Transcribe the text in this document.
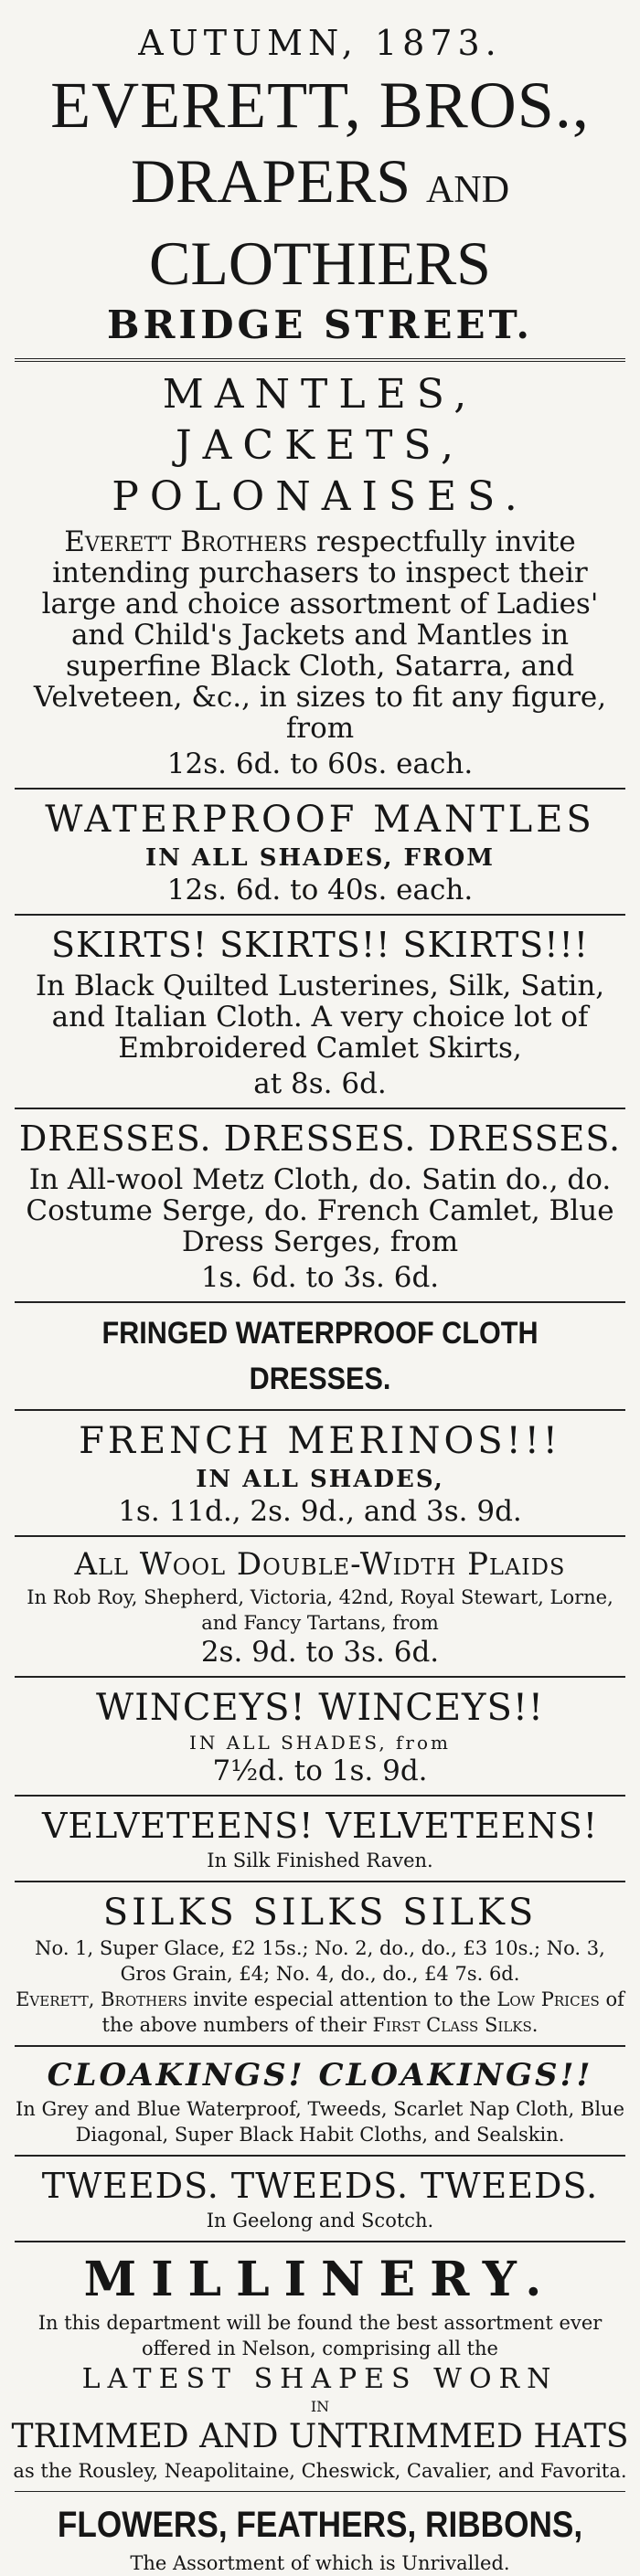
AUTUMN, 1873.
EVERETT, BROS.,
DRAPERS AND CLOTHIERS
BRIDGE STREET.
MANTLES, JACKETS,
POLONAISES.
Everett Brothers respectfully invite intending purchasers to inspect their large and choice assortment of Ladies' and Child's Jackets and Mantles in superfine Black Cloth, Satarra, and Velveteen, &c., in sizes to fit any figure, from
12s. 6d. to 60s. each.
WATERPROOF MANTLES
IN ALL SHADES, FROM
12s. 6d. to 40s. each.
SKIRTS! SKIRTS!! SKIRTS!!!
In Black Quilted Lusterines, Silk, Satin, and Italian Cloth. A very choice lot of Embroidered Camlet Skirts,
at 8s. 6d.
DRESSES. DRESSES. DRESSES.
In All-wool Metz Cloth, do. Satin do., do. Costume Serge, do. French Camlet, Blue Dress Serges, from
1s. 6d. to 3s. 6d.
FRINGED WATERPROOF CLOTH DRESSES.
FRENCH MERINOS!!!
IN ALL SHADES,
1s. 11d., 2s. 9d., and 3s. 9d.
All Wool Double-Width Plaids
In Rob Roy, Shepherd, Victoria, 42nd, Royal Stewart, Lorne, and Fancy Tartans, from
2s. 9d. to 3s. 6d.
WINCEYS! WINCEYS!!
IN ALL SHADES, from
7½d. to 1s. 9d.
VELVETEENS! VELVETEENS!
In Silk Finished Raven.
SILKS SILKS SILKS
No. 1, Super Glace, £2 15s.; No. 2, do., do., £3 10s.; No. 3, Gros Grain, £4; No. 4, do., do., £4 7s. 6d.
Everett, Brothers invite especial attention to the Low Prices of the above numbers of their First Class Silks.
CLOAKINGS! CLOAKINGS!!
In Grey and Blue Waterproof, Tweeds, Scarlet Nap Cloth, Blue Diagonal, Super Black Habit Cloths, and Sealskin.
TWEEDS. TWEEDS. TWEEDS.
In Geelong and Scotch.
MILLINERY.
In this department will be found the best assortment ever offered in Nelson, comprising all the
LATEST SHAPES WORN
IN
TRIMMED AND UNTRIMMED HATS
as the Rousley, Neapolitaine, Cheswick, Cavalier, and Favorita.
FLOWERS, FEATHERS, RIBBONS,
The Assortment of which is Unrivalled.
